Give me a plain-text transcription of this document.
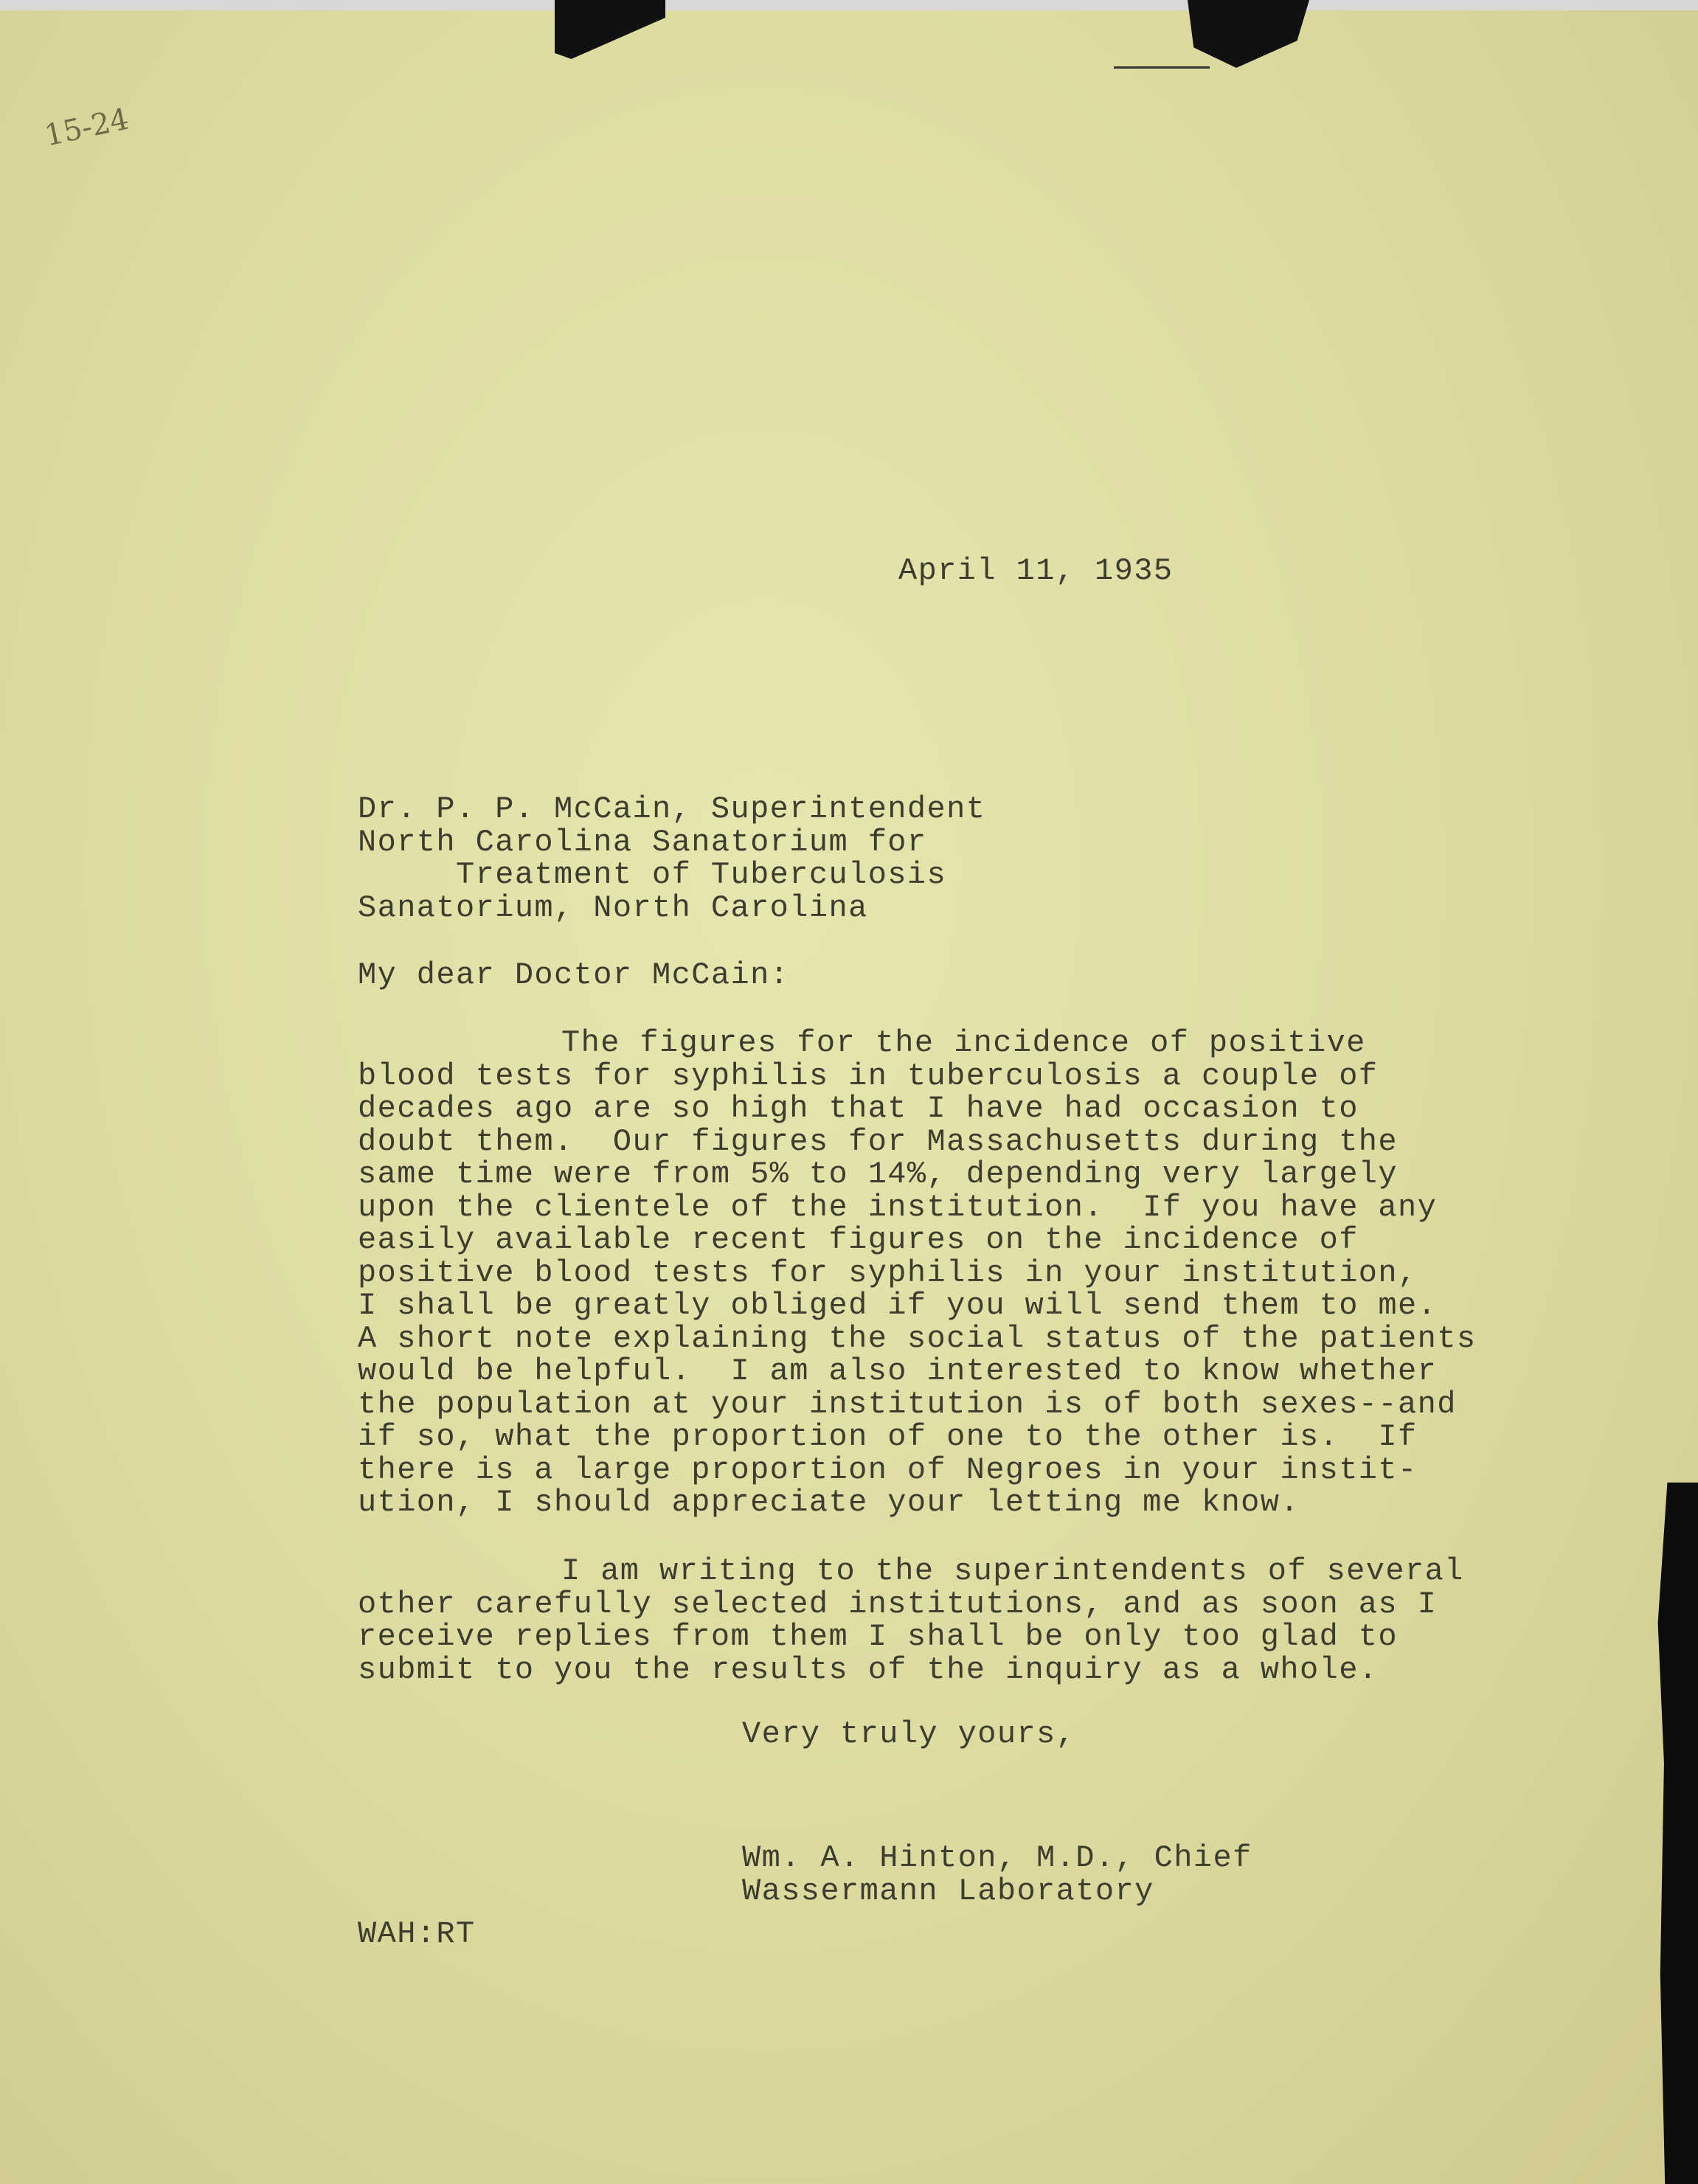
15-24
April 11, 1935
Dr. P. P. McCain, Superintendent
North Carolina Sanatorium for
Treatment of Tuberculosis
Sanatorium, North Carolina
My dear Doctor McCain:
The figures for the incidence of positive
blood tests for syphilis in tuberculosis a couple of
decades ago are so high that I have had occasion to
doubt them.  Our figures for Massachusetts during the
same time were from 5% to 14%, depending very largely
upon the clientele of the institution.  If you have any
easily available recent figures on the incidence of
positive blood tests for syphilis in your institution,
I shall be greatly obliged if you will send them to me.
A short note explaining the social status of the patients
would be helpful.  I am also interested to know whether
the population at your institution is of both sexes--and
if so, what the proportion of one to the other is.  If
there is a large proportion of Negroes in your instit-
ution, I should appreciate your letting me know.
I am writing to the superintendents of several
other carefully selected institutions, and as soon as I
receive replies from them I shall be only too glad to
submit to you the results of the inquiry as a whole.
Very truly yours,
Wm. A. Hinton, M.D., Chief
Wassermann Laboratory
WAH:RT
